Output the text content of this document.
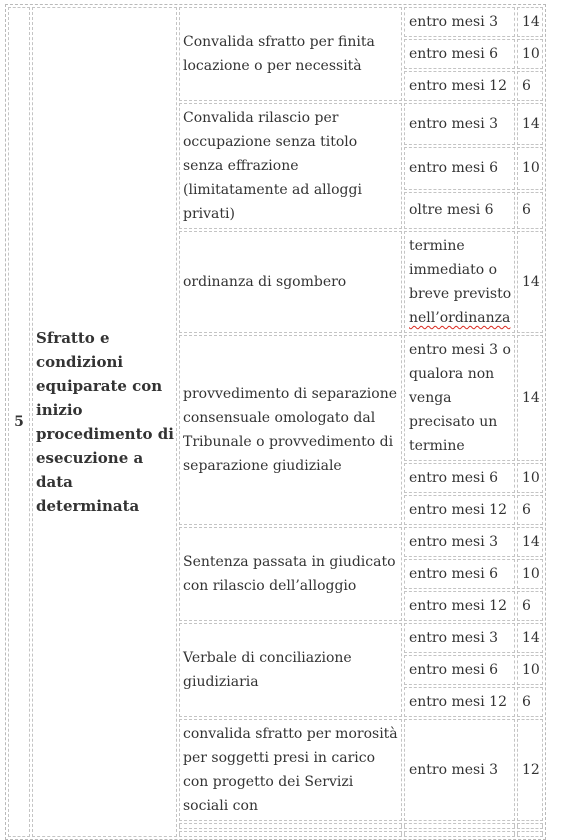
5	Sfratto e condizioni equiparate con inizio procedimento di esecuzione a data determinata	Convalida sfratto per finita locazione o per necessità	entro mesi 3	14
			entro mesi 6	10
			entro mesi 12	6
		Convalida rilascio per occupazione senza titolo senza effrazione (limitatamente ad alloggi privati)	entro mesi 3	14
			entro mesi 6	10
			oltre mesi 6	6
		ordinanza di sgombero	termine immediato o breve previsto nell’ordinanza	14
		provvedimento di separazione consensuale omologato dal Tribunale o provvedimento di separazione giudiziale	entro mesi 3 o qualora non venga precisato un termine	14
			entro mesi 6	10
			entro mesi 12	6
		Sentenza passata in giudicato con rilascio dell’alloggio	entro mesi 3	14
			entro mesi 6	10
			entro mesi 12	6
		Verbale di conciliazione giudiziaria	entro mesi 3	14
			entro mesi 6	10
			entro mesi 12	6
		convalida sfratto per morosità per soggetti presi in carico con progetto dei Servizi sociali con	entro mesi 3	12
